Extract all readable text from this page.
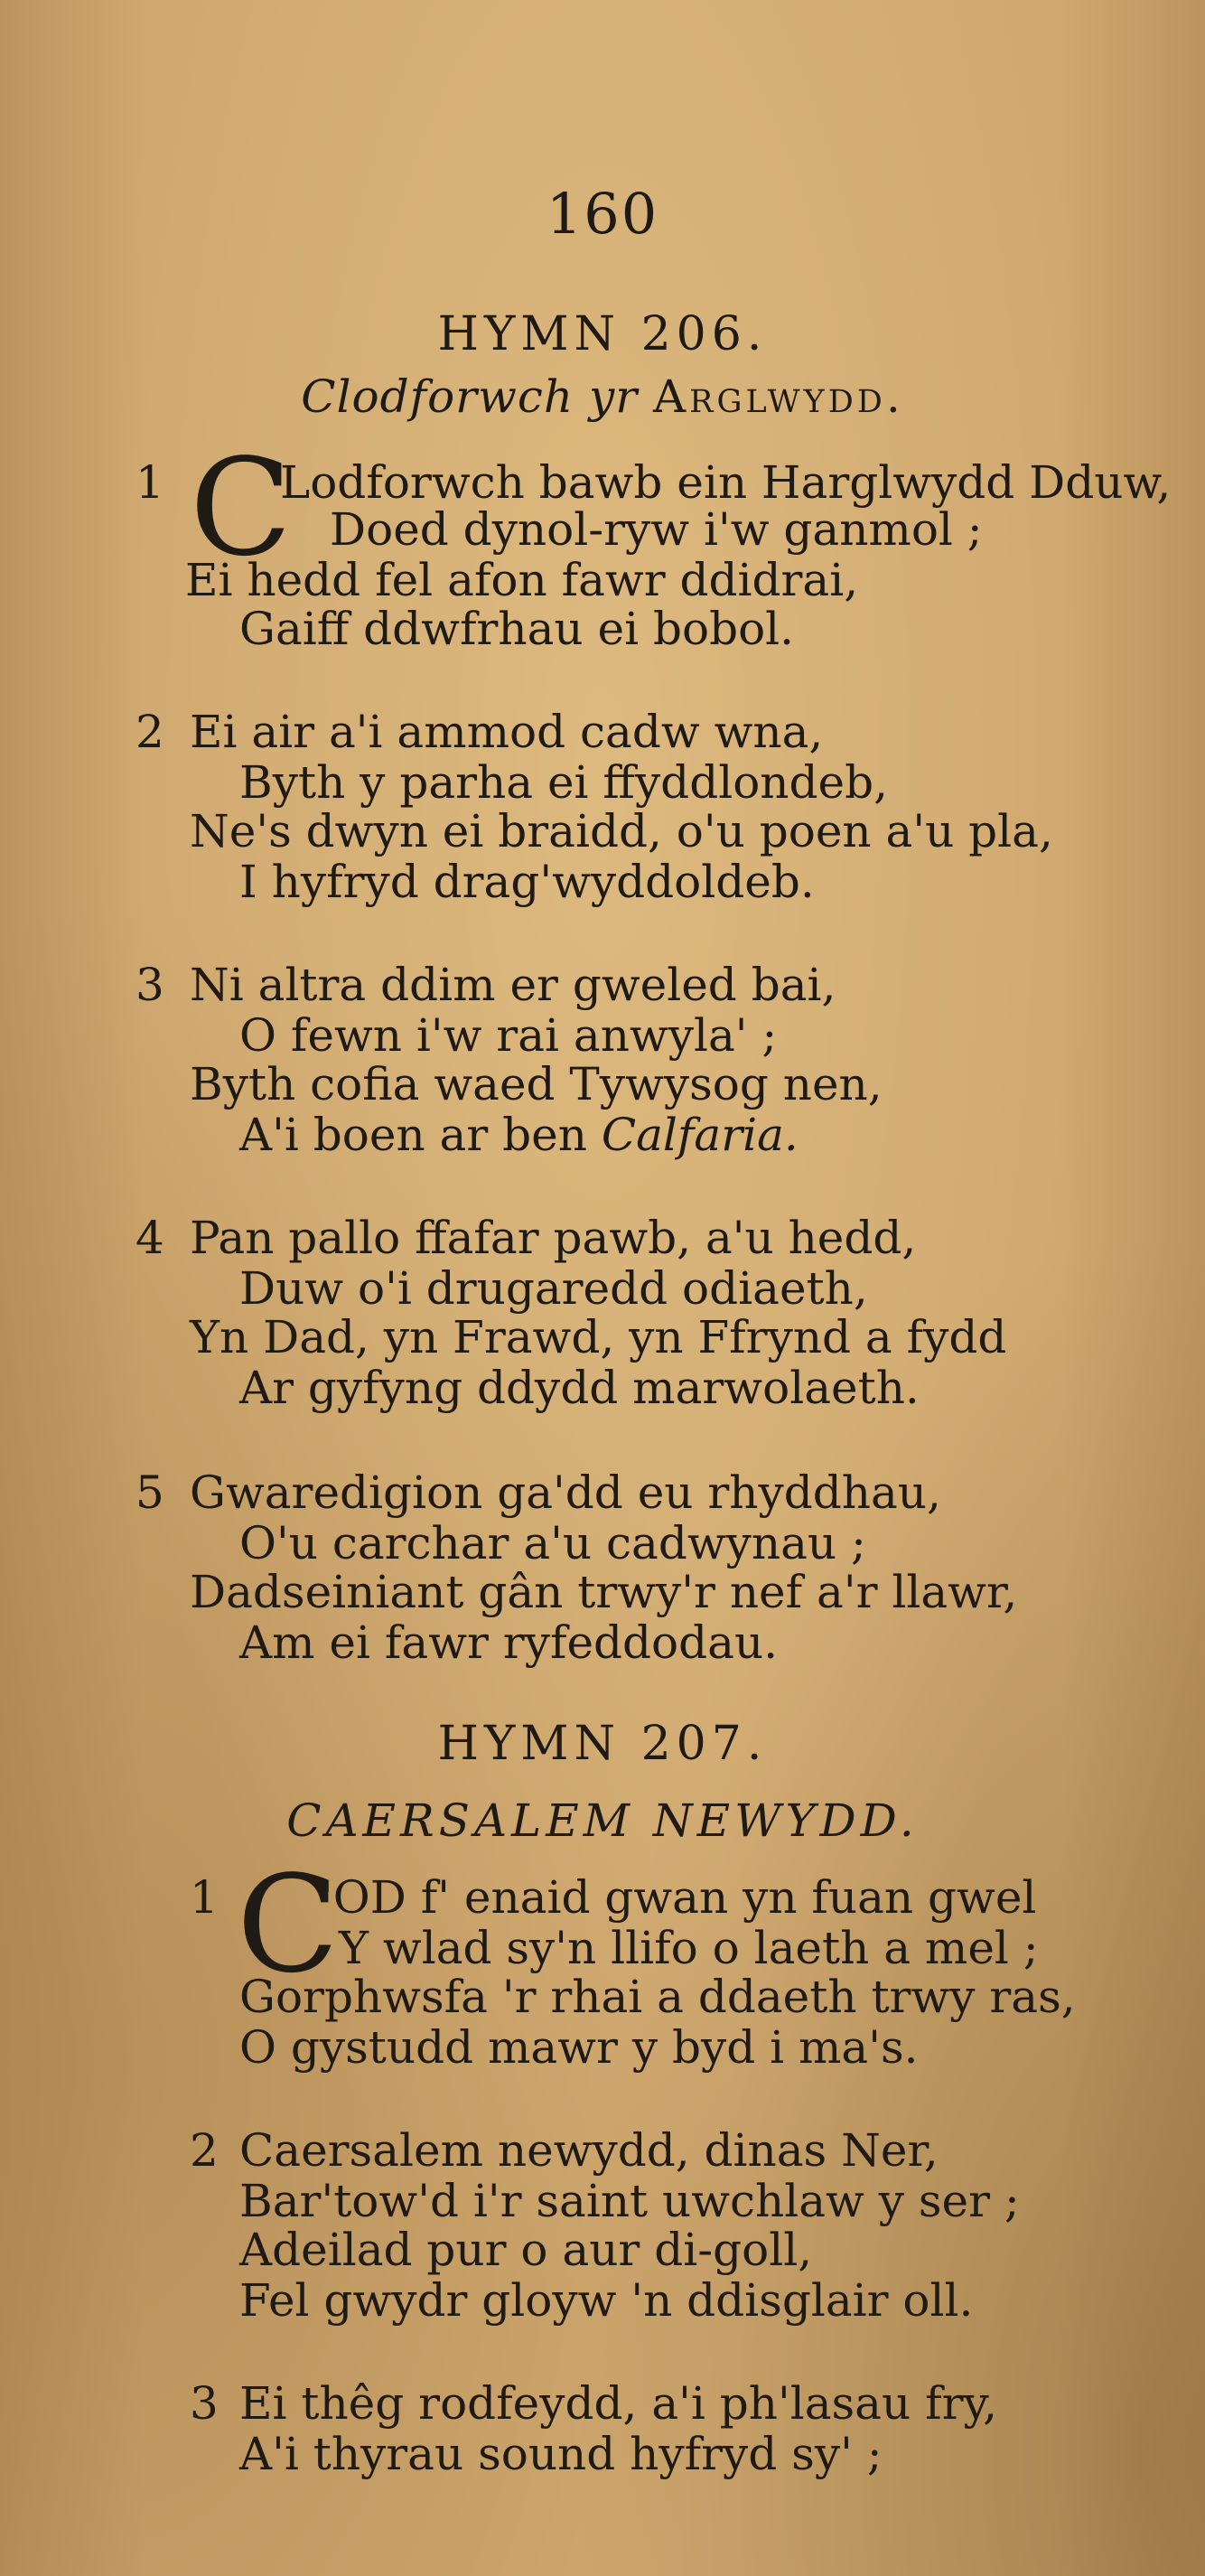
160
HYMN 206.
Clodforwch yr Arglwydd.
1 C
Lodforwch bawb ein Harglwydd Dduw,
Doed dynol-ryw i'w ganmol ;
Ei hedd fel afon fawr ddidrai,
Gaiff ddwfrhau ei bobol.
2 Ei air a'i ammod cadw wna,
Byth y parha ei ffyddlondeb,
Ne's dwyn ei braidd, o'u poen a'u pla,
I hyfryd drag'wyddoldeb.
3 Ni altra ddim er gweled bai,
O fewn i'w rai anwyla' ;
Byth cofia waed Tywysog nen,
A'i boen ar ben Calfaria.
4 Pan pallo ffafar pawb, a'u hedd,
Duw o'i drugaredd odiaeth,
Yn Dad, yn Frawd, yn Ffrynd a fydd
Ar gyfyng ddydd marwolaeth.
5 Gwaredigion ga'dd eu rhyddhau,
O'u carchar a'u cadwynau ;
Dadseiniant gân trwy'r nef a'r llawr,
Am ei fawr ryfeddodau.
HYMN 207.
CAERSALEM NEWYDD.
1 C
'OD f' enaid gwan yn fuan gwel
Y wlad sy'n llifo o laeth a mel ;
Gorphwsfa 'r rhai a ddaeth trwy ras,
O gystudd mawr y byd i ma's.
2 Caersalem newydd, dinas Ner,
Bar'tow'd i'r saint uwchlaw y ser ;
Adeilad pur o aur di-goll,
Fel gwydr gloyw 'n ddisglair oll.
3 Ei thêg rodfeydd, a'i ph'lasau fry,
A'i thyrau sound hyfryd sy' ;
